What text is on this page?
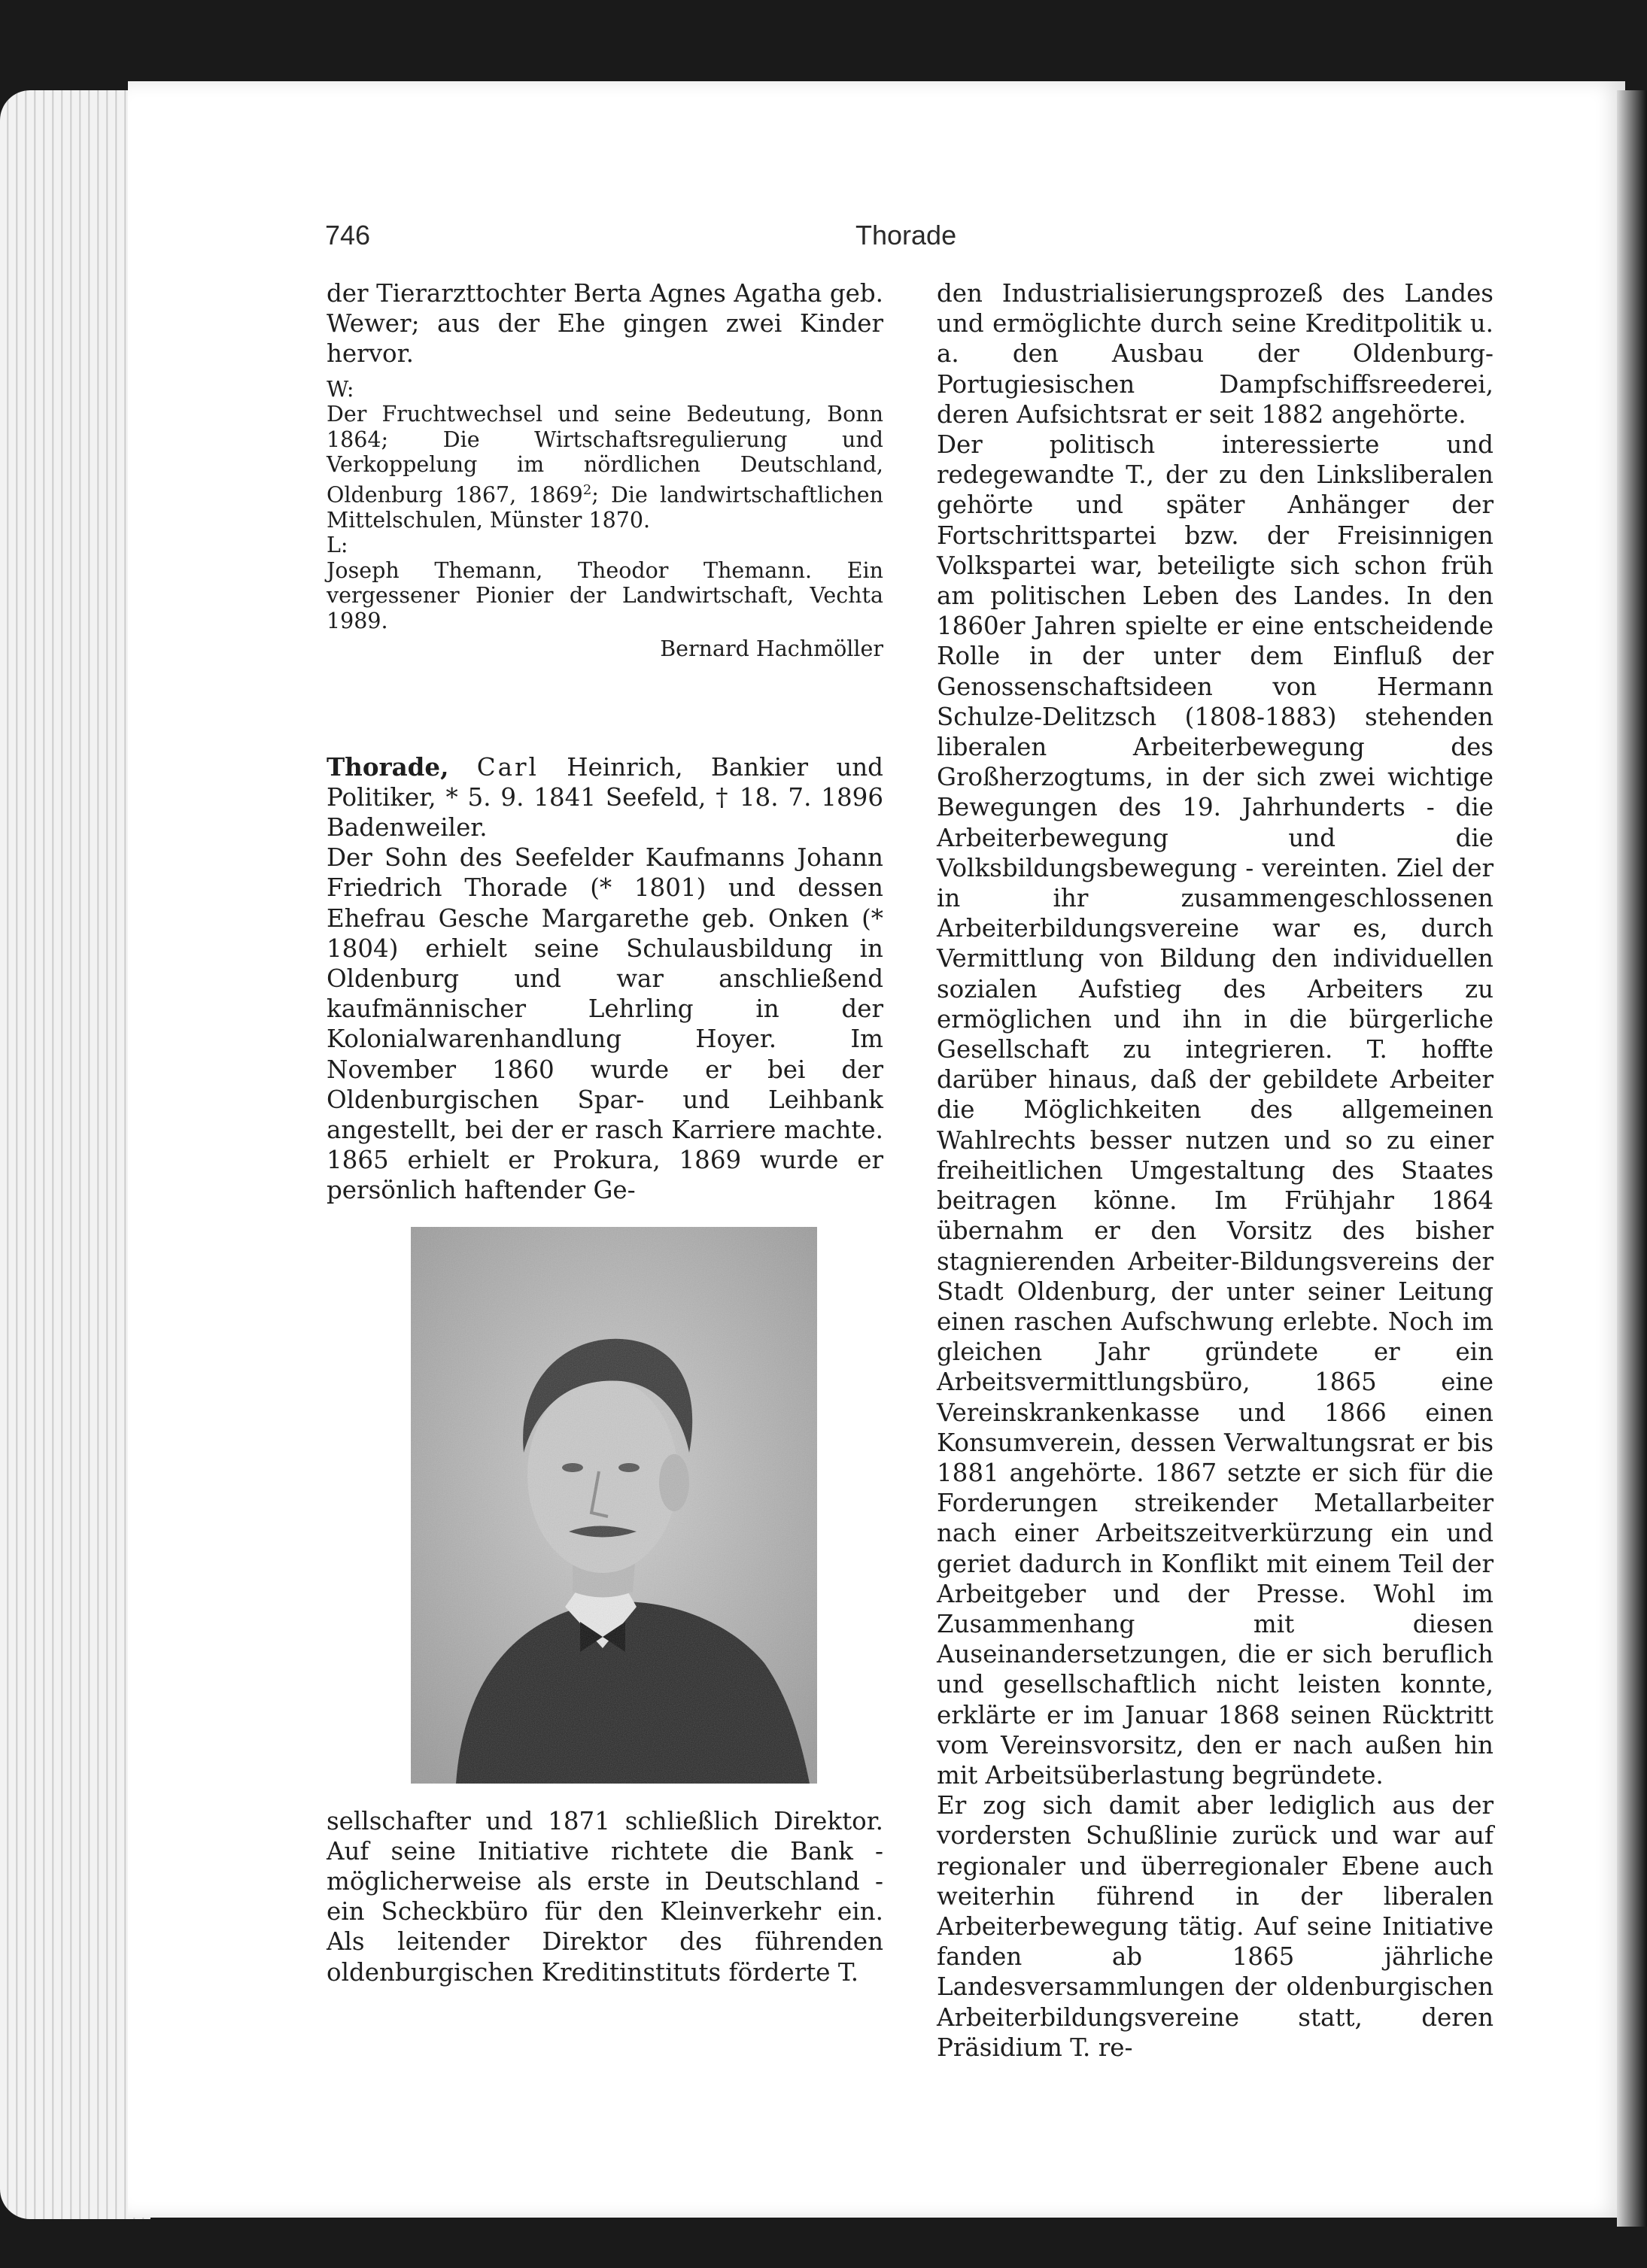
746	Thorade

der Tierarzttochter Berta Agnes Agatha geb. Wewer; aus der Ehe gingen zwei Kinder hervor.

W:

Der Fruchtwechsel und seine Bedeutung, Bonn 1864; Die Wirtschaftsregulierung und Verkoppelung im nördlichen Deutschland, Oldenburg 1867, 1869$^2$; Die landwirtschaftlichen Mittelschulen, Münster 1870.

L:

Joseph Themann, Theodor Themann. Ein vergessener Pionier der Landwirtschaft, Vechta 1989.

Bernard Hachmöller

Thorade, Carl Heinrich, Bankier und Politiker, * 5. 9. 1841 Seefeld, † 18. 7. 1896 Badenweiler.

Der Sohn des Seefelder Kaufmanns Johann Friedrich Thorade (* 1801) und dessen Ehefrau Gesche Margarethe geb. Onken (* 1804) erhielt seine Schulausbildung in Oldenburg und war anschließend kaufmännischer Lehrling in der Kolonialwarenhandlung Hoyer. Im November 1860 wurde er bei der Oldenburgischen Spar- und Leihbank angestellt, bei der er rasch Karriere machte. 1865 erhielt er Prokura, 1869 wurde er persönlich haftender Ge-

sellschafter und 1871 schließlich Direktor. Auf seine Initiative richtete die Bank - möglicherweise als erste in Deutschland - ein Scheckbüro für den Kleinverkehr ein. Als leitender Direktor des führenden oldenburgischen Kreditinstituts förderte T.

den Industrialisierungsprozeß des Landes und ermöglichte durch seine Kreditpolitik u. a. den Ausbau der Oldenburg-Portugiesischen Dampfschiffsreederei, deren Aufsichtsrat er seit 1882 angehörte.

Der politisch interessierte und redegewandte T., der zu den Linksliberalen gehörte und später Anhänger der Fortschrittspartei bzw. der Freisinnigen Volkspartei war, beteiligte sich schon früh am politischen Leben des Landes. In den 1860er Jahren spielte er eine entscheidende Rolle in der unter dem Einfluß der Genossenschaftsideen von Hermann Schulze-Delitzsch (1808-1883) stehenden liberalen Arbeiterbewegung des Großherzogtums, in der sich zwei wichtige Bewegungen des 19. Jahrhunderts - die Arbeiterbewegung und die Volksbildungsbewegung - vereinten. Ziel der in ihr zusammengeschlossenen Arbeiterbildungsvereine war es, durch Vermittlung von Bildung den individuellen sozialen Aufstieg des Arbeiters zu ermöglichen und ihn in die bürgerliche Gesellschaft zu integrieren. T. hoffte darüber hinaus, daß der gebildete Arbeiter die Möglichkeiten des allgemeinen Wahlrechts besser nutzen und so zu einer freiheitlichen Umgestaltung des Staates beitragen könne. Im Frühjahr 1864 übernahm er den Vorsitz des bisher stagnierenden Arbeiter-Bildungsvereins der Stadt Oldenburg, der unter seiner Leitung einen raschen Aufschwung erlebte. Noch im gleichen Jahr gründete er ein Arbeitsvermittlungsbüro, 1865 eine Vereinskrankenkasse und 1866 einen Konsumverein, dessen Verwaltungsrat er bis 1881 angehörte. 1867 setzte er sich für die Forderungen streikender Metallarbeiter nach einer Arbeitszeitverkürzung ein und geriet dadurch in Konflikt mit einem Teil der Arbeitgeber und der Presse. Wohl im Zusammenhang mit diesen Auseinandersetzungen, die er sich beruflich und gesellschaftlich nicht leisten konnte, erklärte er im Januar 1868 seinen Rücktritt vom Vereinsvorsitz, den er nach außen hin mit Arbeitsüberlastung begründete.

Er zog sich damit aber lediglich aus der vordersten Schußlinie zurück und war auf regionaler und überregionaler Ebene auch weiterhin führend in der liberalen Arbeiterbewegung tätig. Auf seine Initiative fanden ab 1865 jährliche Landesversammlungen der oldenburgischen Arbeiterbildungsvereine statt, deren Präsidium T. re-
